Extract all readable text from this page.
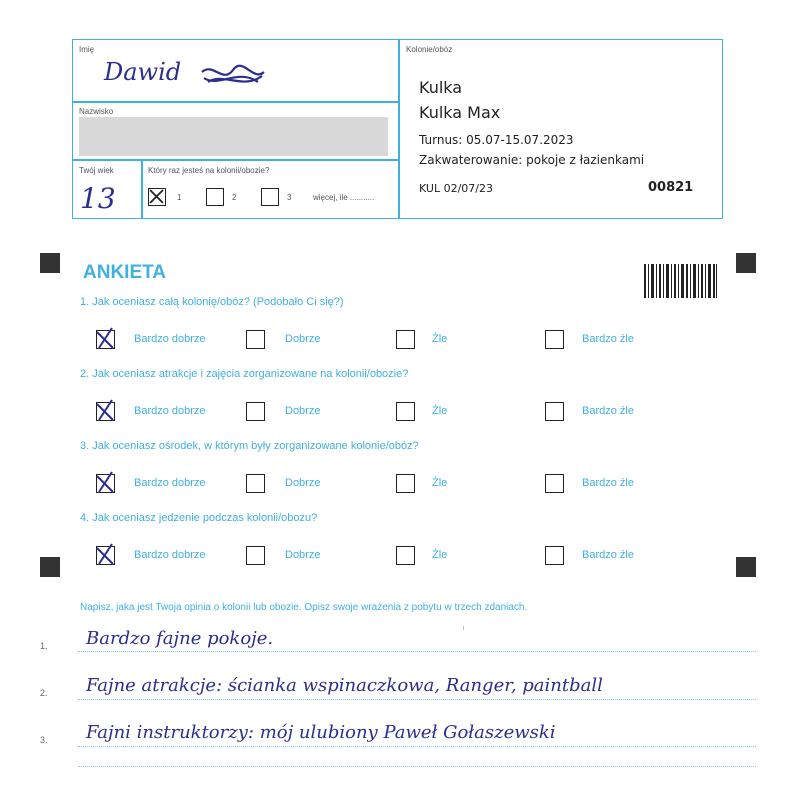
Imię
Dawid
Nazwisko
Twój wiek
13
Który raz jesteś na kolonii/obozie?
1	2	3	więcej, ile ...........
Kolonie/obóz
Kulka
Kulka Max
Turnus: 05.07-15.07.2023
Zakwaterowanie: pokoje z łazienkami
KUL 02/07/23	00821
ANKIETA
1. Jak oceniasz całą kolonię/obóz? (Podobało Ci się?)
Bardzo dobrze	Dobrze	Źle	Bardzo źle
2. Jak oceniasz atrakcje i zajęcia zorganizowane na kolonii/obozie?
Bardzo dobrze	Dobrze	Źle	Bardzo źle
3. Jak oceniasz ośrodek, w którym były zorganizowane kolonie/obóz?
Bardzo dobrze	Dobrze	Źle	Bardzo źle
4. Jak oceniasz jedzenie podczas kolonii/obozu?
Bardzo dobrze	Dobrze	Źle	Bardzo źle
Napisz, jaka jest Twoja opinia o kolonii lub obozie. Opisz swoje wrażenia z pobytu w trzech zdaniach.
1. Bardzo fajne pokoje.
2. Fajne atrakcje: ścianka wspinaczkowa, Ranger, paintball
3. Fajni instruktorzy: mój ulubiony Paweł Gołaszewski
